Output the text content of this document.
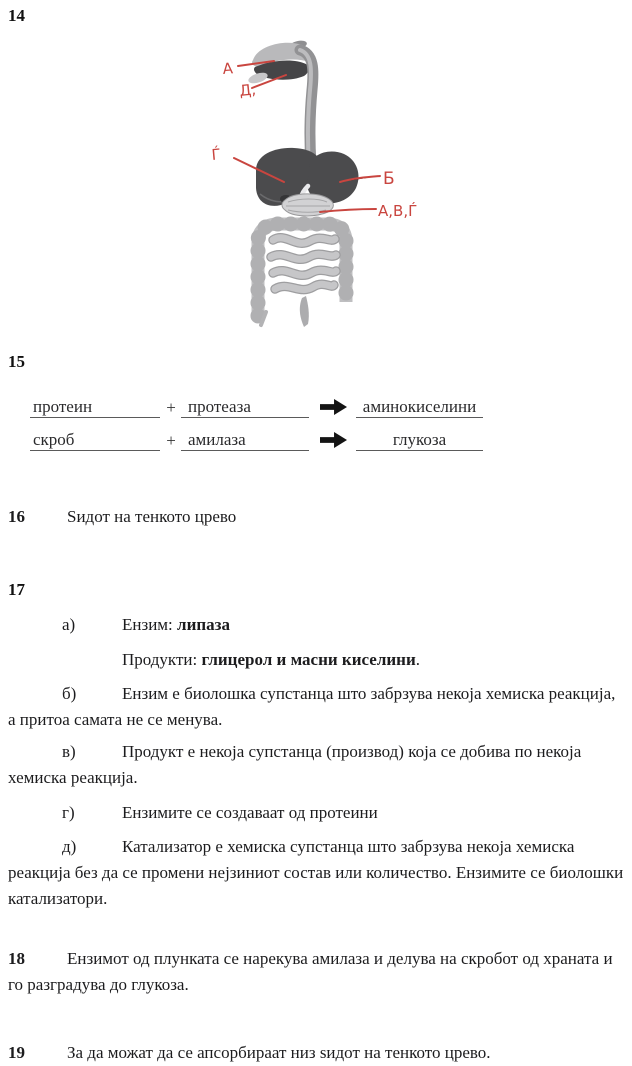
14
А
Д,
Ѓ
Б
А,В,Ѓ
15
протеин	+ протеаза	аминокиселини
скроб	+ амилаза	глукоза

16 Ѕидот на тенкото црево

17

а)	Ензим: липаза

Продукти: глицерол и масни киселини.

б)	Ензим е биолошка супстанца што забрзува некоја хемиска реакција, а притоа самата не се менува.

в)	Продукт е некоја супстанца (производ) која се добива по некоја хемиска реакција.

г)	Ензимите се создаваат од протеини

д)	Катализатор е хемиска супстанца што забрзува некоја хемиска реакција без да се промени нејзиниот состав или количество. Ензимите се биолошки катализатори.

18 Ензимот од плунката се нарекува амилаза и делува на скробот од храната и го разградува до глукоза.

19 За да можат да се апсорбираат низ ѕидот на тенкото црево.
